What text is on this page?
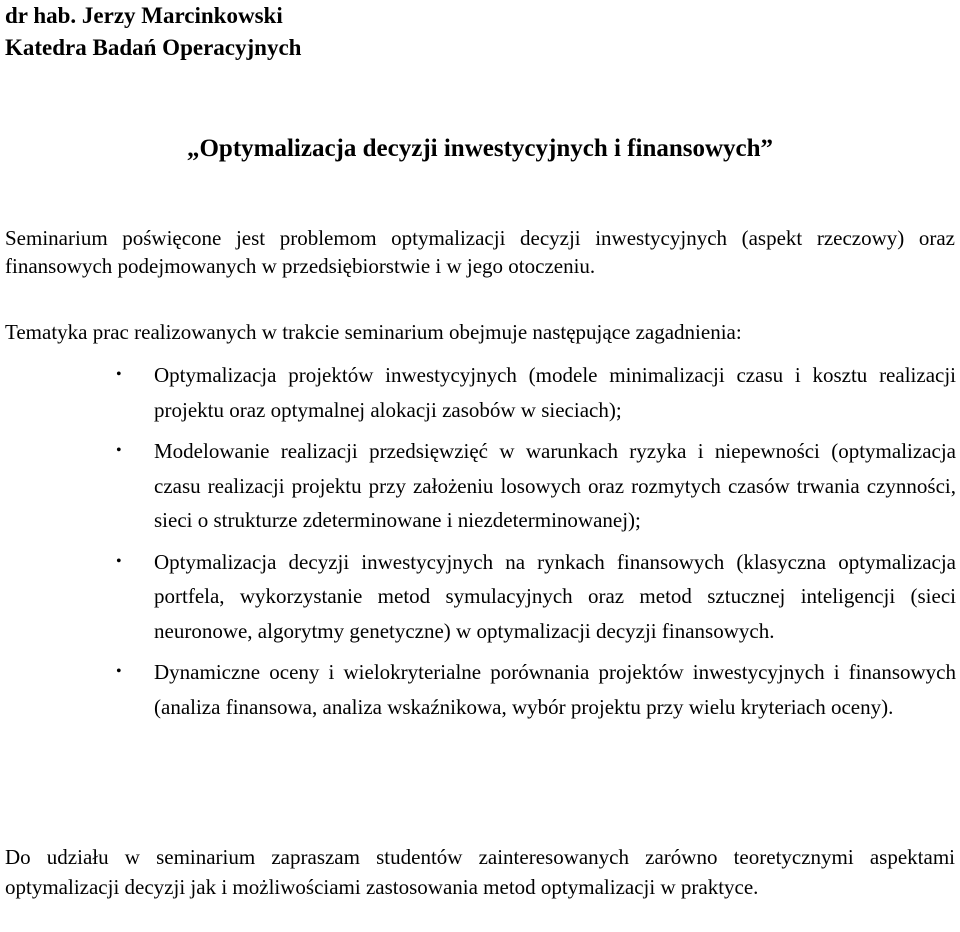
dr hab. Jerzy Marcinkowski
Katedra Badań Operacyjnych
„Optymalizacja decyzji inwestycyjnych i finansowych”
Seminarium poświęcone jest problemom optymalizacji decyzji inwestycyjnych (aspekt rzeczowy) oraz finansowych podejmowanych w przedsiębiorstwie i w jego otoczeniu.
Tematyka prac realizowanych w trakcie seminarium obejmuje następujące zagadnienia:
• Optymalizacja projektów inwestycyjnych (modele minimalizacji czasu i kosztu realizacji projektu oraz optymalnej alokacji zasobów w sieciach);
• Modelowanie realizacji przedsięwzięć w warunkach ryzyka i niepewności (optymalizacja czasu realizacji projektu przy założeniu losowych oraz rozmytych czasów trwania czynności, sieci o strukturze zdeterminowane i niezdeterminowanej);
• Optymalizacja decyzji inwestycyjnych na rynkach finansowych (klasyczna optymalizacja portfela, wykorzystanie metod symulacyjnych oraz metod sztucznej inteligencji (sieci neuronowe, algorytmy genetyczne) w optymalizacji decyzji finansowych.
• Dynamiczne oceny i wielokryterialne porównania projektów inwestycyjnych i finansowych (analiza finansowa, analiza wskaźnikowa, wybór projektu przy wielu kryteriach oceny).
Do udziału w seminarium zapraszam studentów zainteresowanych zarówno teoretycznymi aspektami optymalizacji decyzji jak i możliwościami zastosowania metod optymalizacji w praktyce.
